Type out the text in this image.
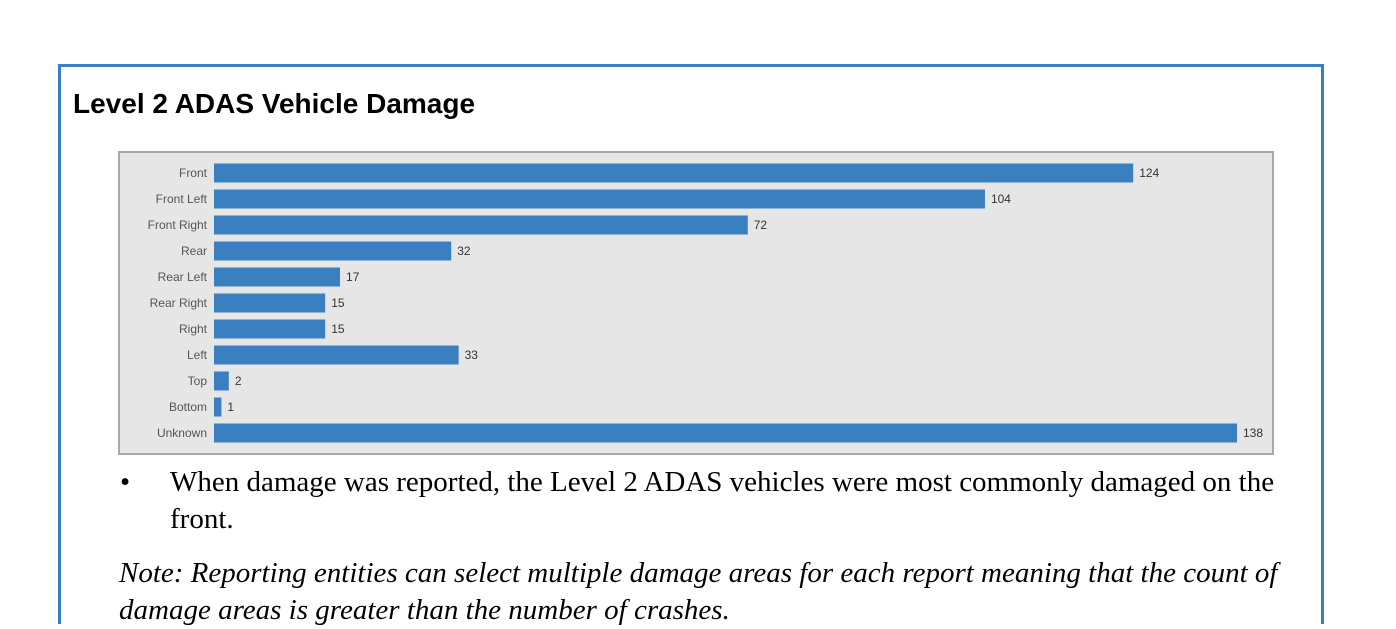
Level 2 ADAS Vehicle Damage
Front
Front Left
Front Right
Rear
Rear Left
Rear Right
Right
Left
Top
Bottom
Unknown
124
104
72
32
17
15
15
33
2
1
138
• When damage was reported, the Level 2 ADAS vehicles were most commonly damaged on the front.

Note: Reporting entities can select multiple damage areas for each report meaning that the count of damage areas is greater than the number of crashes.
